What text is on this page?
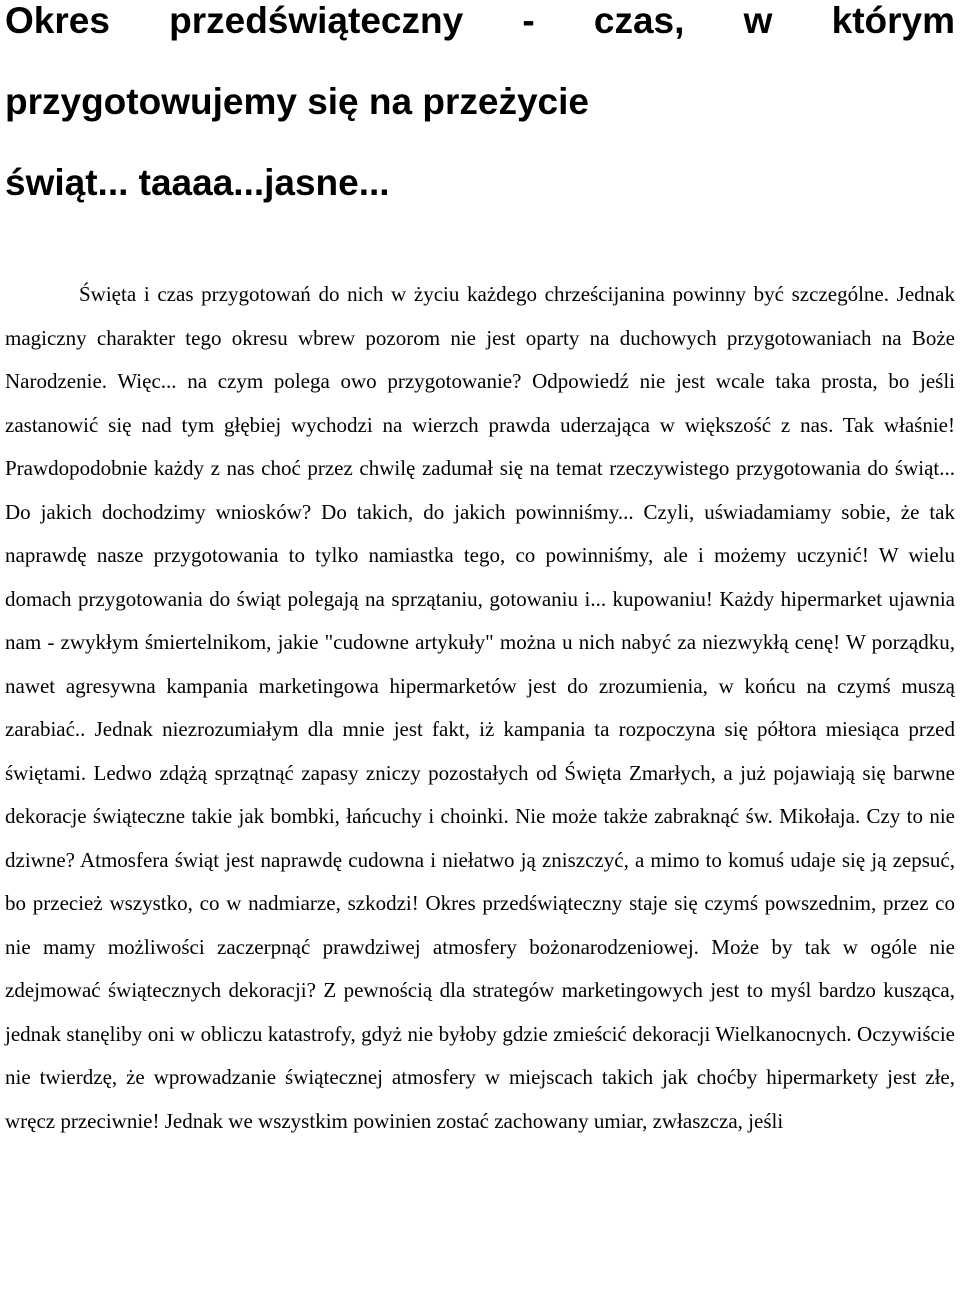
Okres przedświąteczny - czas, w którym
przygotowujemy się na przeżycie
świąt... taaaa...jasne...

Święta i czas przygotowań do nich w życiu każdego chrześcijanina powinny być szczególne. Jednak magiczny charakter tego okresu wbrew pozorom nie jest oparty na duchowych przygotowaniach na Boże Narodzenie. Więc... na czym polega owo przygotowanie? Odpowiedź nie jest wcale taka prosta, bo jeśli zastanowić się nad tym głębiej wychodzi na wierzch prawda uderzająca w większość z nas. Tak właśnie! Prawdopodobnie każdy z nas choć przez chwilę zadumał się na temat rzeczywistego przygotowania do świąt... Do jakich dochodzimy wniosków? Do takich, do jakich powinniśmy... Czyli, uświadamiamy sobie, że tak naprawdę nasze przygotowania to tylko namiastka tego, co powinniśmy, ale i możemy uczynić! W wielu domach przygotowania do świąt polegają na sprzątaniu, gotowaniu i... kupowaniu! Każdy hipermarket ujawnia nam - zwykłym śmiertelnikom, jakie "cudowne artykuły" można u nich nabyć za niezwykłą cenę! W porządku, nawet agresywna kampania marketingowa hipermarketów jest do zrozumienia, w końcu na czymś muszą zarabiać.. Jednak niezrozumiałym dla mnie jest fakt, iż kampania ta rozpoczyna się półtora miesiąca przed świętami. Ledwo zdążą sprzątnąć zapasy zniczy pozostałych od Święta Zmarłych, a już pojawiają się barwne dekoracje świąteczne takie jak bombki, łańcuchy i choinki. Nie może także zabraknąć św. Mikołaja. Czy to nie dziwne? Atmosfera świąt jest naprawdę cudowna i niełatwo ją zniszczyć, a mimo to komuś udaje się ją zepsuć, bo przecież wszystko, co w nadmiarze, szkodzi! Okres przedświąteczny staje się czymś powszednim, przez co nie mamy możliwości zaczerpnąć prawdziwej atmosfery bożonarodzeniowej. Może by tak w ogóle nie zdejmować świątecznych dekoracji? Z pewnością dla strategów marketingowych jest to myśl bardzo kusząca, jednak stanęliby oni w obliczu katastrofy, gdyż nie byłoby gdzie zmieścić dekoracji Wielkanocnych. Oczywiście nie twierdzę, że wprowadzanie świątecznej atmosfery w miejscach takich jak choćby hipermarkety jest złe, wręcz przeciwnie! Jednak we wszystkim powinien zostać zachowany umiar, zwłaszcza, jeśli
